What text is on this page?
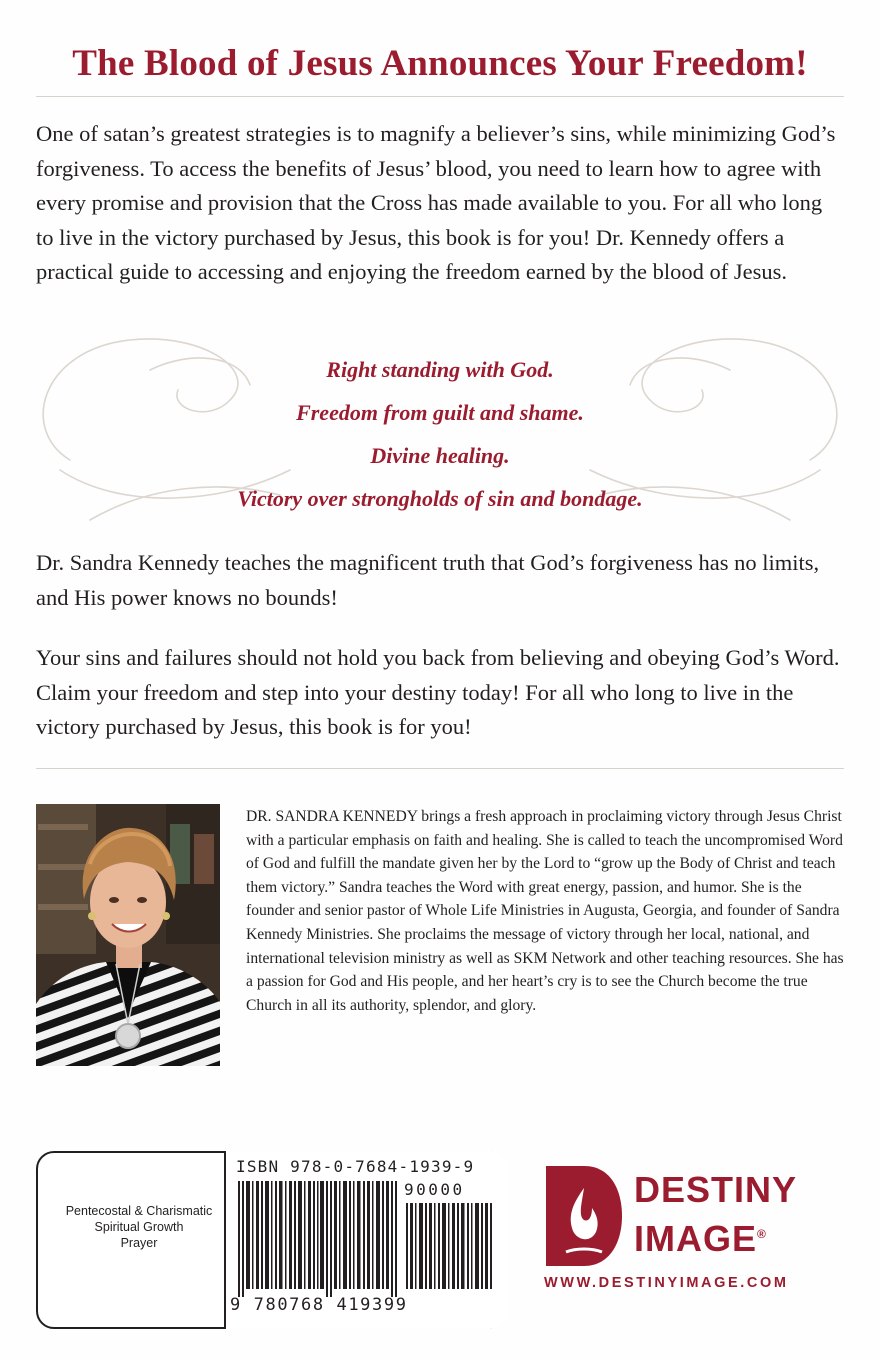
The Blood of Jesus Announces Your Freedom!

One of satan’s greatest strategies is to magnify a believer’s sins, while minimizing God’s forgiveness. To access the benefits of Jesus’ blood, you need to learn how to agree with every promise and provision that the Cross has made available to you. For all who long to live in the victory purchased by Jesus, this book is for you! Dr. Kennedy offers a practical guide to accessing and enjoying the freedom earned by the blood of Jesus.

Right standing with God.
Freedom from guilt and shame.
Divine healing.
Victory over strongholds of sin and bondage.

Dr. Sandra Kennedy teaches the magnificent truth that God’s forgiveness has no limits, and His power knows no bounds!

Your sins and failures should not hold you back from believing and obeying God’s Word. Claim your freedom and step into your destiny today! For all who long to live in the victory purchased by Jesus, this book is for you!

DR. SANDRA KENNEDY brings a fresh approach in proclaiming victory through Jesus Christ with a particular emphasis on faith and healing. She is called to teach the uncompromised Word of God and fulfill the mandate given her by the Lord to “grow up the Body of Christ and teach them victory.” Sandra teaches the Word with great energy, passion, and humor. She is the founder and senior pastor of Whole Life Ministries in Augusta, Georgia, and founder of Sandra Kennedy Ministries. She proclaims the message of victory through her local, national, and international television ministry as well as SKM Network and other teaching resources. She has a passion for God and His people, and her heart’s cry is to see the Church become the true Church in all its authority, splendor, and glory.

Pentecostal & Charismatic
Spiritual Growth
Prayer
ISBN 978-0-7684-1939-9
90000
9 780768 419399
DESTINY
IMAGE®
WWW.DESTINYIMAGE.COM
